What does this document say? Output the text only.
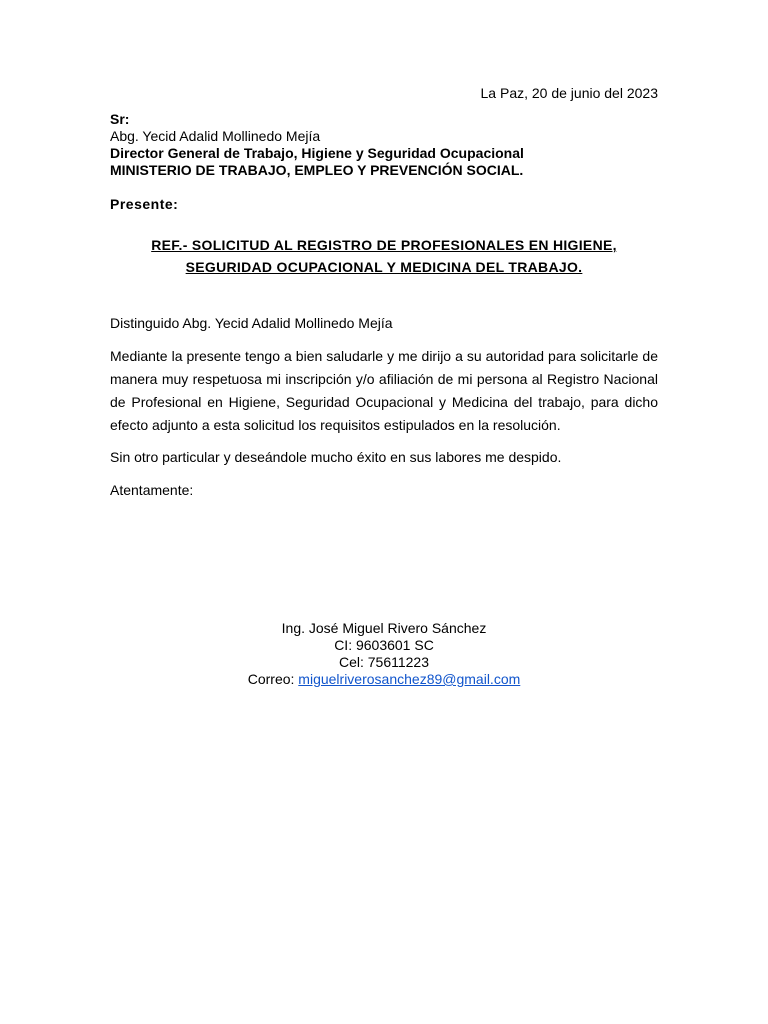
La Paz, 20 de junio del 2023
Sr:
Abg. Yecid Adalid Mollinedo Mejía
Director General de Trabajo, Higiene y Seguridad Ocupacional
MINISTERIO DE TRABAJO, EMPLEO Y PREVENCIÓN SOCIAL.
Presente:
REF.- SOLICITUD AL REGISTRO DE PROFESIONALES EN HIGIENE,
SEGURIDAD OCUPACIONAL Y MEDICINA DEL TRABAJO.
Distinguido Abg. Yecid Adalid Mollinedo Mejía
Mediante la presente tengo a bien saludarle y me dirijo a su autoridad para solicitarle de manera muy respetuosa mi inscripción y/o afiliación de mi persona al Registro Nacional de Profesional en Higiene, Seguridad Ocupacional y Medicina del trabajo, para dicho efecto adjunto a esta solicitud los requisitos estipulados en la resolución.
Sin otro particular y deseándole mucho éxito en sus labores me despido.
Atentamente:
Ing. José Miguel Rivero Sánchez
CI: 9603601 SC
Cel: 75611223
Correo: miguelriverosanchez89@gmail.com
